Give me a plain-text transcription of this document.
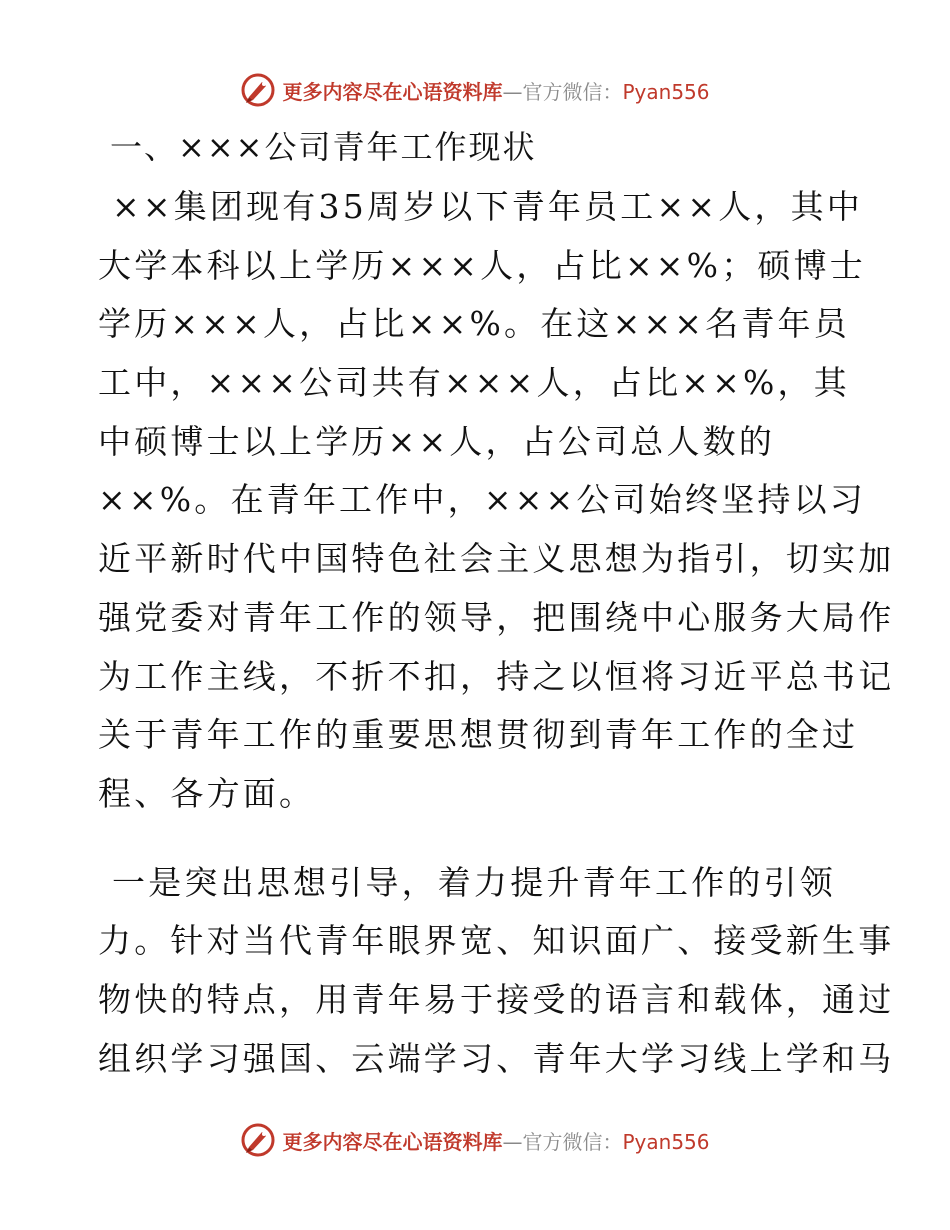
更多内容尽在心语资料库—官方微信：Pyan556
一、×××公司青年工作现状

××集团现有35周岁以下青年员工××人，其中
大学本科以上学历×××人，占比××%；硕博士
学历×××人，占比××%。在这×××名青年员
工中，×××公司共有×××人，占比××%，其
中硕博士以上学历××人，占公司总人数的
××%。在青年工作中，×××公司始终坚持以习
近平新时代中国特色社会主义思想为指引，切实加
强党委对青年工作的领导，把围绕中心服务大局作
为工作主线，不折不扣，持之以恒将习近平总书记
关于青年工作的重要思想贯彻到青年工作的全过
程、各方面。

一是突出思想引导，着力提升青年工作的引领
力。针对当代青年眼界宽、知识面广、接受新生事
物快的特点，用青年易于接受的语言和载体，通过
组织学习强国、云端学习、青年大学习线上学和马

更多内容尽在心语资料库—官方微信：Pyan556
